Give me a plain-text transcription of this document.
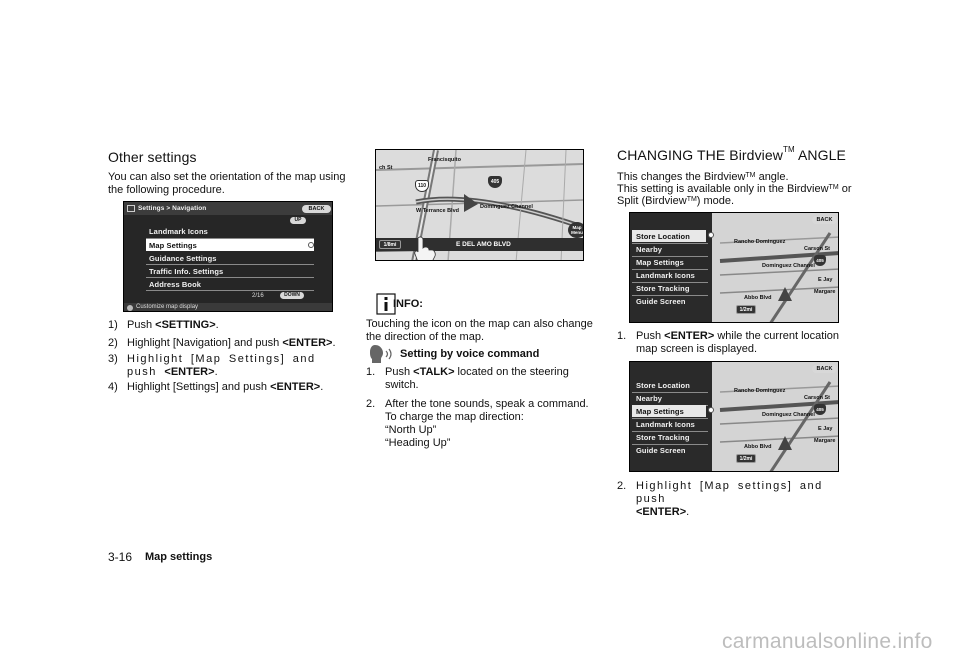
Other settings

You can also set the orientation of the map using the following procedure.

Settings > Navigation	BACK
UP
Landmark Icons
Map Settings
Guidance Settings
Traffic Info. Settings
Address Book
2/16	DOWN
Customize map display
1) Push <SETTING>.
2) Highlight [Navigation] and push <ENTER>.
3) Highlight [Map Settings] and push <ENTER>.
4) Highlight [Settings] and push <ENTER>.
ch St
Francisquito
W Terrance Blvd
Dominguez Channel
110
405
1/8mi	E DEL AMO BLVD
Map Menu
INFO:

Touching the icon on the map can also change the direction of the map.

Setting by voice command
1. Push <TALK> located on the steering switch.
2. After the tone sounds, speak a command.
To charge the map direction:
“North Up”
“Heading Up”
CHANGING THE Birdview™ ANGLE

This changes the Birdview™ angle.

This setting is available only in the Birdview™ or

Split (Birdview™) mode.

BACK
Store Location
Nearby
Map Settings
Landmark Icons
Store Tracking
Guide Screen
Rancho Dominguez
Dominguez Channel
Carson St
E Jay
Margare
Abbo Blvd
405
1/2mi
1. Push <ENTER> while the current location map screen is displayed.
BACK
Store Location
Nearby
Map Settings
Landmark Icons
Store Tracking
Guide Screen
Rancho Dominguez
Dominguez Channel
Carson St
E Jay
Margare
Abbo Blvd
405
1/2mi
2. Highlight [Map settings] and push
<ENTER>.
3-16 Map settings
carmanualsonline.info
